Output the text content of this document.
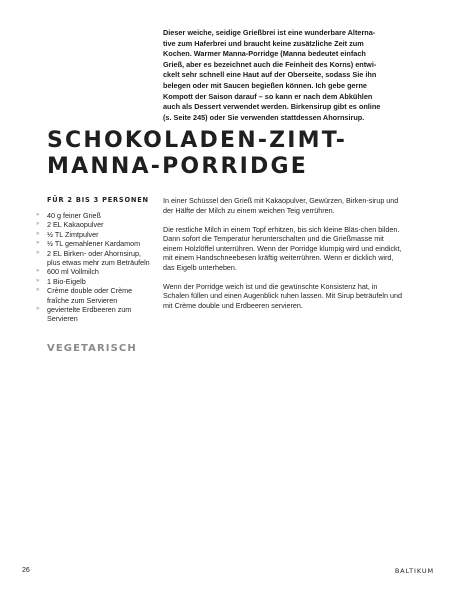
Dieser weiche, seidige Grießbrei ist eine wunderbare Alterna-

tive zum Haferbrei und braucht keine zusätzliche Zeit zum

Kochen. Warmer Manna-Porridge (Manna bedeutet einfach

Grieß, aber es bezeichnet auch die Feinheit des Korns) entwi-

ckelt sehr schnell eine Haut auf der Oberseite, sodass Sie ihn

belegen oder mit Saucen begießen können. Ich gebe gerne

Kompott der Saison darauf – so kann er nach dem Abkühlen

auch als Dessert verwendet werden. Birkensirup gibt es online

(s. Seite 245) oder Sie verwenden stattdessen Ahornsirup.

SCHOKOLADEN-ZIMT-
MANNA-PORRIDGE
FÜR 2 BIS 3 PERSONEN
» 40 g feiner Grieß
» 2 EL Kakaopulver
» ½ TL Zimtpulver
» ½ TL gemahlener Kardamom
» 2 EL Birken- oder Ahornsirup, plus etwas mehr zum Beträufeln
» 600 ml Vollmilch
» 1 Bio-Eigelb
» Crème double oder Crème fraîche zum Servieren
» geviertelte Erdbeeren zum Servieren
VEGETARISCH

In einer Schüssel den Grieß mit Kakaopulver, Gewürzen, Birken-sirup und der Hälfte der Milch zu einem weichen Teig verrühren.

Die restliche Milch in einem Topf erhitzen, bis sich kleine Bläs-chen bilden. Dann sofort die Temperatur herunterschalten und die Grießmasse mit einem Holzlöffel unterrühren. Wenn der Porridge klumpig wird und eindickt, mit einem Handschneebesen kräftig weiterrühren. Wenn er dicklich wird, das Eigelb unterheben.

Wenn der Porridge weich ist und die gewünschte Konsistenz hat, in Schalen füllen und einen Augenblick ruhen lassen. Mit Sirup beträufeln und mit Crème double und Erdbeeren servieren.

26	BALTIKUM
